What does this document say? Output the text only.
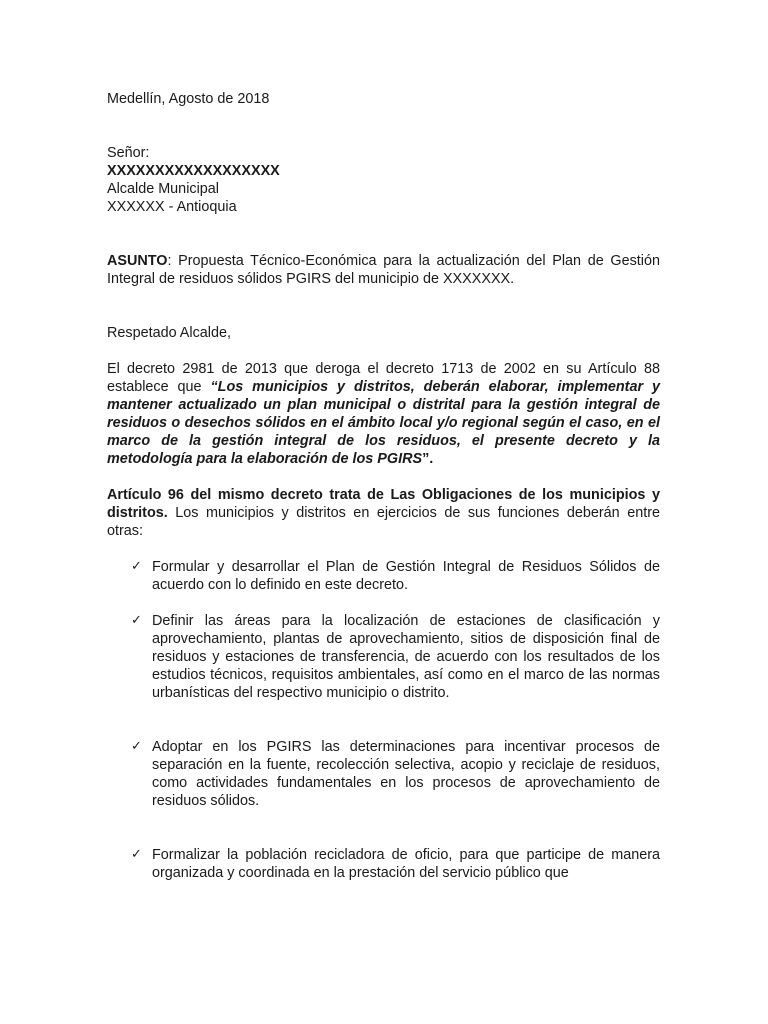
Medellín, Agosto de 2018

Señor:

XXXXXXXXXXXXXXXXXX

Alcalde Municipal

XXXXXX - Antioquia

ASUNTO: Propuesta Técnico-Económica para la actualización del Plan de Gestión Integral de residuos sólidos PGIRS del municipio de XXXXXXX.

Respetado Alcalde,

El decreto 2981 de 2013 que deroga el decreto 1713 de 2002 en su Artículo 88 establece que “Los municipios y distritos, deberán elaborar, implementar y mantener actualizado un plan municipal o distrital para la gestión integral de residuos o desechos sólidos en el ámbito local y/o regional según el caso, en el marco de la gestión integral de los residuos, el presente decreto y la metodología para la elaboración de los PGIRS”.

Artículo 96 del mismo decreto trata de Las Obligaciones de los municipios y distritos. Los municipios y distritos en ejercicios de sus funciones deberán entre otras:

✓ Formular y desarrollar el Plan de Gestión Integral de Residuos Sólidos de acuerdo con lo definido en este decreto.
✓ Definir las áreas para la localización de estaciones de clasificación y aprovechamiento, plantas de aprovechamiento, sitios de disposición final de residuos y estaciones de transferencia, de acuerdo con los resultados de los estudios técnicos, requisitos ambientales, así como en el marco de las normas urbanísticas del respectivo municipio o distrito.
✓ Adoptar en los PGIRS las determinaciones para incentivar procesos de separación en la fuente, recolección selectiva, acopio y reciclaje de residuos, como actividades fundamentales en los procesos de aprovechamiento de residuos sólidos.
✓ Formalizar la población recicladora de oficio, para que participe de manera organizada y coordinada en la prestación del servicio público que
